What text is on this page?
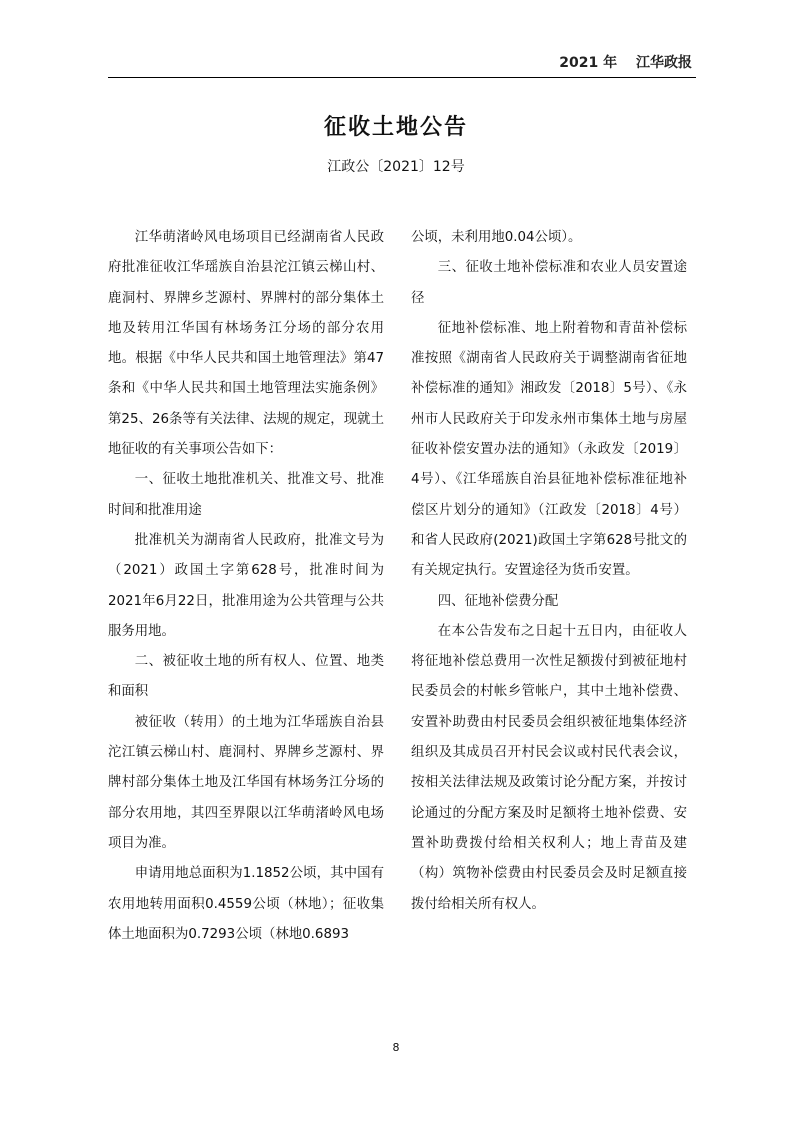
2021 年 江华政报
征收土地公告
江政公〔2021〕12号

江华萌渚岭风电场项目已经湖南省人民政府批准征收江华瑶族自治县沱江镇云梯山村、鹿洞村、界牌乡芝源村、界牌村的部分集体土地及转用江华国有林场务江分场的部分农用地。根据《中华人民共和国土地管理法》第47条和《中华人民共和国土地管理法实施条例》第25、26条等有关法律、法规的规定，现就土地征收的有关事项公告如下：

一、征收土地批准机关、批准文号、批准时间和批准用途

批准机关为湖南省人民政府，批准文号为（2021）政国土字第628号，批准时间为2021年6月22日，批准用途为公共管理与公共服务用地。

二、被征收土地的所有权人、位置、地类和面积

被征收（转用）的土地为江华瑶族自治县沱江镇云梯山村、鹿洞村、界牌乡芝源村、界牌村部分集体土地及江华国有林场务江分场的部分农用地，其四至界限以江华萌渚岭风电场项目为准。

申请用地总面积为1.1852公顷，其中国有农用地转用面积0.4559公顷（林地）；征收集体土地面积为0.7293公顷（林地0.6893

公顷，未利用地0.04公顷）。

三、征收土地补偿标准和农业人员安置途径

征地补偿标准、地上附着物和青苗补偿标准按照《湖南省人民政府关于调整湖南省征地补偿标准的通知》湘政发〔2018〕5号）、《永州市人民政府关于印发永州市集体土地与房屋征收补偿安置办法的通知》（永政发〔2019〕4号）、《江华瑶族自治县征地补偿标准征地补偿区片划分的通知》（江政发〔2018〕4号）和省人民政府(2021)政国土字第628号批文的有关规定执行。安置途径为货币安置。

四、征地补偿费分配

在本公告发布之日起十五日内，由征收人将征地补偿总费用一次性足额拨付到被征地村民委员会的村帐乡管帐户，其中土地补偿费、安置补助费由村民委员会组织被征地集体经济组织及其成员召开村民会议或村民代表会议，按相关法律法规及政策讨论分配方案，并按讨论通过的分配方案及时足额将土地补偿费、安置补助费拨付给相关权利人；地上青苗及建（构）筑物补偿费由村民委员会及时足额直接拨付给相关所有权人。

8
